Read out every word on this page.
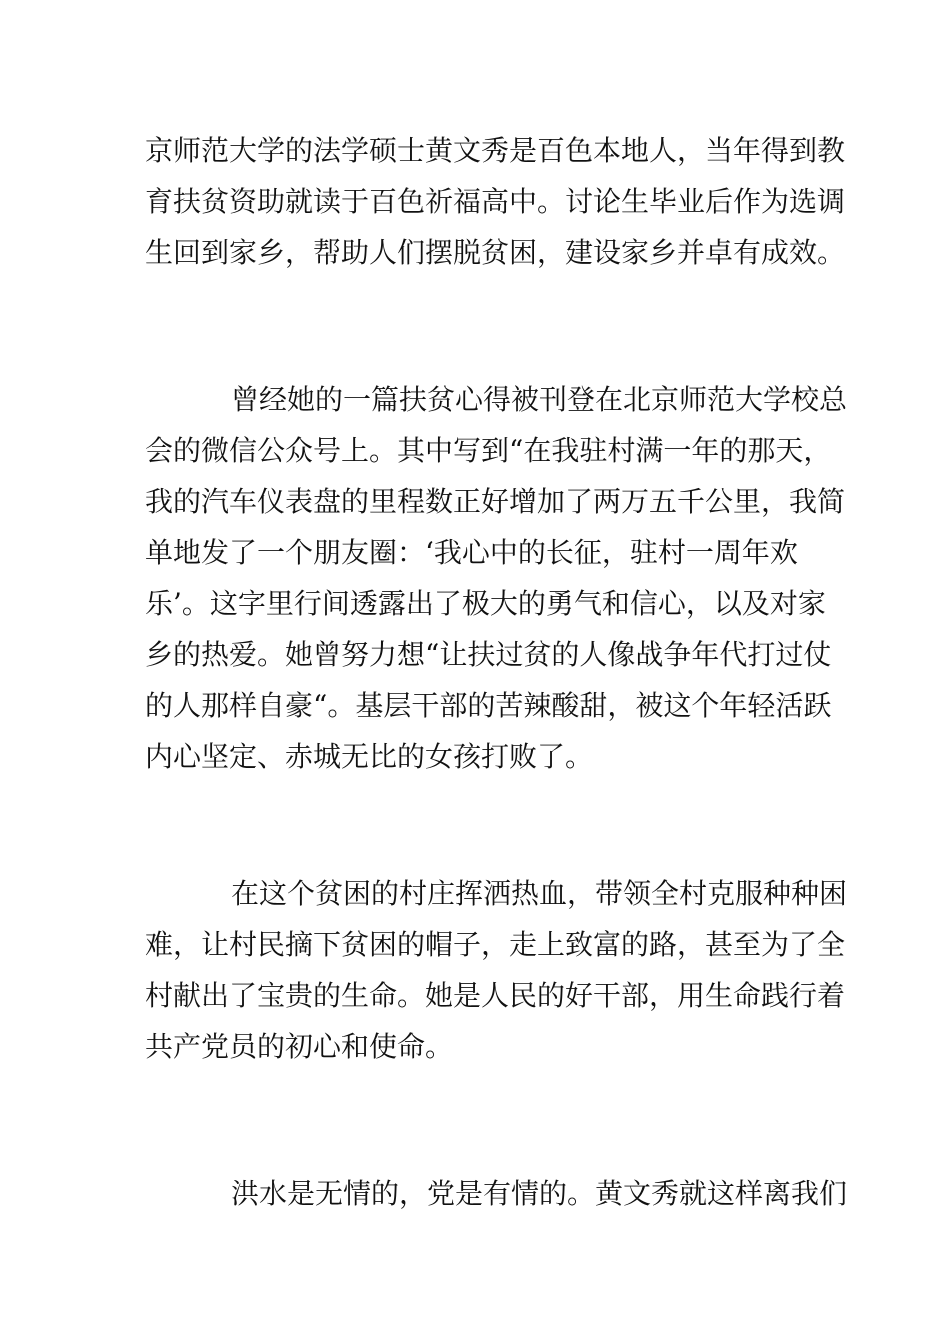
京师范大学的法学硕士黄文秀是百色本地人，当年得到教
育扶贫资助就读于百色祈福高中。讨论生毕业后作为选调
生回到家乡，帮助人们摆脱贫困，建设家乡并卓有成效。

曾经她的一篇扶贫心得被刊登在北京师范大学校总
会的微信公众号上。其中写到“在我驻村满一年的那天，
我的汽车仪表盘的里程数正好增加了两万五千公里，我简
单地发了一个朋友圈：‘我心中的长征，驻村一周年欢
乐’。这字里行间透露出了极大的勇气和信心，以及对家
乡的热爱。她曾努力想“让扶过贫的人像战争年代打过仗
的人那样自豪“。基层干部的苦辣酸甜，被这个年轻活跃
内心坚定、赤城无比的女孩打败了。

在这个贫困的村庄挥洒热血，带领全村克服种种困
难，让村民摘下贫困的帽子，走上致富的路，甚至为了全
村献出了宝贵的生命。她是人民的好干部，用生命践行着
共产党员的初心和使命。

洪水是无情的，党是有情的。黄文秀就这样离我们
